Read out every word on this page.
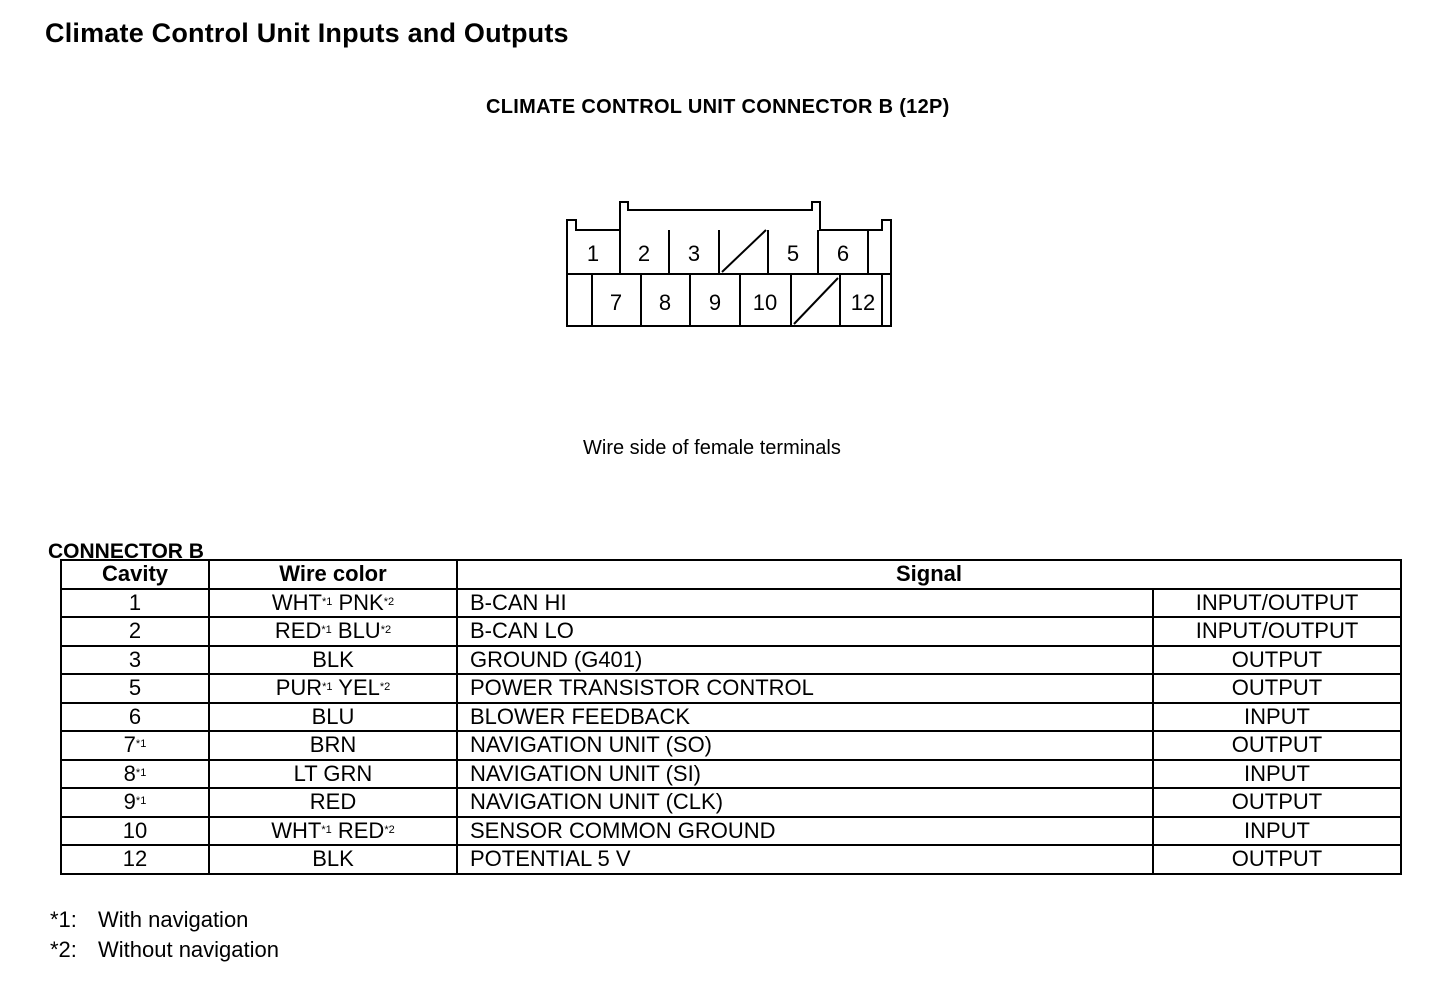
Climate Control Unit Inputs and Outputs
CLIMATE CONTROL UNIT CONNECTOR B (12P)
1 2 3	5 6
7 8 9 10	12
Wire side of female terminals
CONNECTOR B
Cavity	Wire color	Signal	
1	WHT$^{*1}$ PNK$^{*2}$	B-CAN HI	INPUT/OUTPUT
2	RED$^{*1}$ BLU$^{*2}$	B-CAN LO	INPUT/OUTPUT
3	BLK	GROUND (G401)	OUTPUT
5	PUR$^{*1}$ YEL$^{*2}$	POWER TRANSISTOR CONTROL	OUTPUT
6	BLU	BLOWER FEEDBACK	INPUT
7$^{*1}$	BRN	NAVIGATION UNIT (SO)	OUTPUT
8$^{*1}$	LT GRN	NAVIGATION UNIT (SI)	INPUT
9$^{*1}$	RED	NAVIGATION UNIT (CLK)	OUTPUT
10	WHT$^{*1}$ RED$^{*2}$	SENSOR COMMON GROUND	INPUT
12	BLK	POTENTIAL 5 V	OUTPUT
*1: With navigation
*2: Without navigation
